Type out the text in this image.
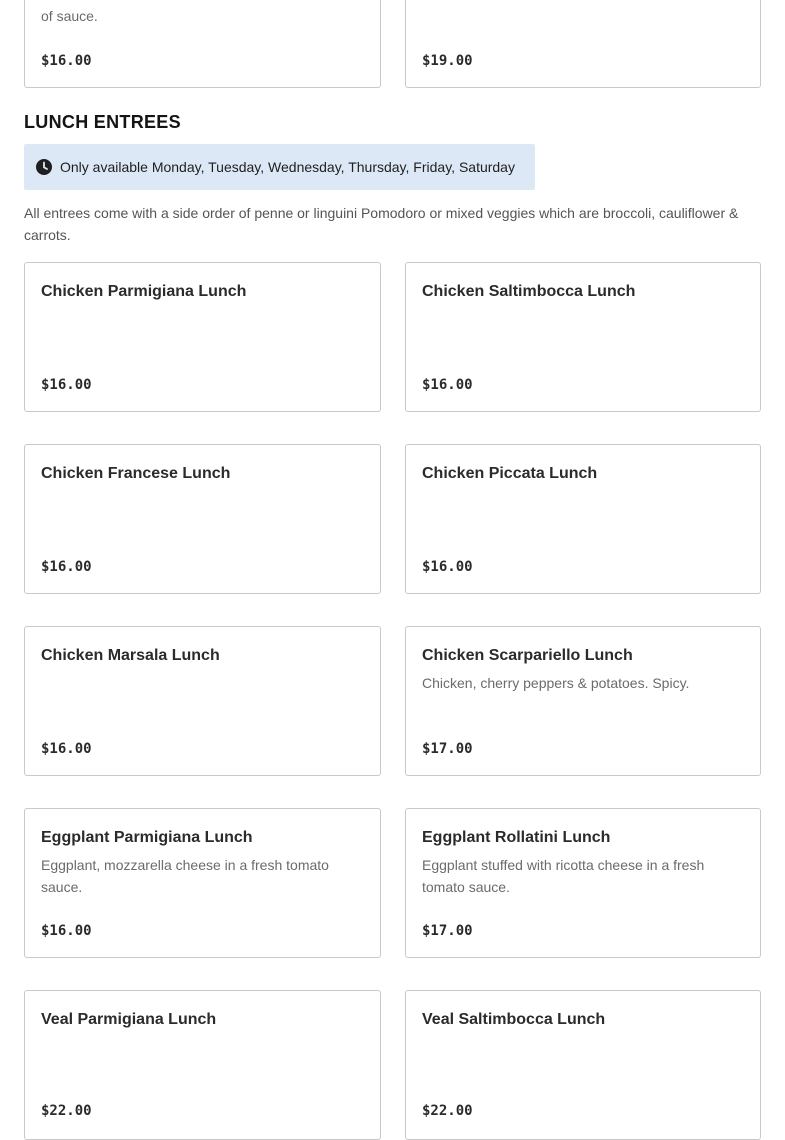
of sauce.
$16.00	$19.00
LUNCH ENTREES
Only available Monday, Tuesday, Wednesday, Thursday, Friday, Saturday
All entrees come with a side order of penne or linguini Pomodoro or mixed veggies which are broccoli, cauliflower & carrots.
Chicken Parmigiana Lunch
$16.00
Chicken Saltimbocca Lunch
$16.00
Chicken Francese Lunch
$16.00
Chicken Piccata Lunch
$16.00
Chicken Marsala Lunch
$16.00
Chicken Scarpariello Lunch
Chicken, cherry peppers & potatoes. Spicy.
$17.00
Eggplant Parmigiana Lunch
Eggplant, mozzarella cheese in a fresh tomato sauce.
$16.00
Eggplant Rollatini Lunch
Eggplant stuffed with ricotta cheese in a fresh tomato sauce.
$17.00
Veal Parmigiana Lunch
$22.00
Veal Saltimbocca Lunch
$22.00
